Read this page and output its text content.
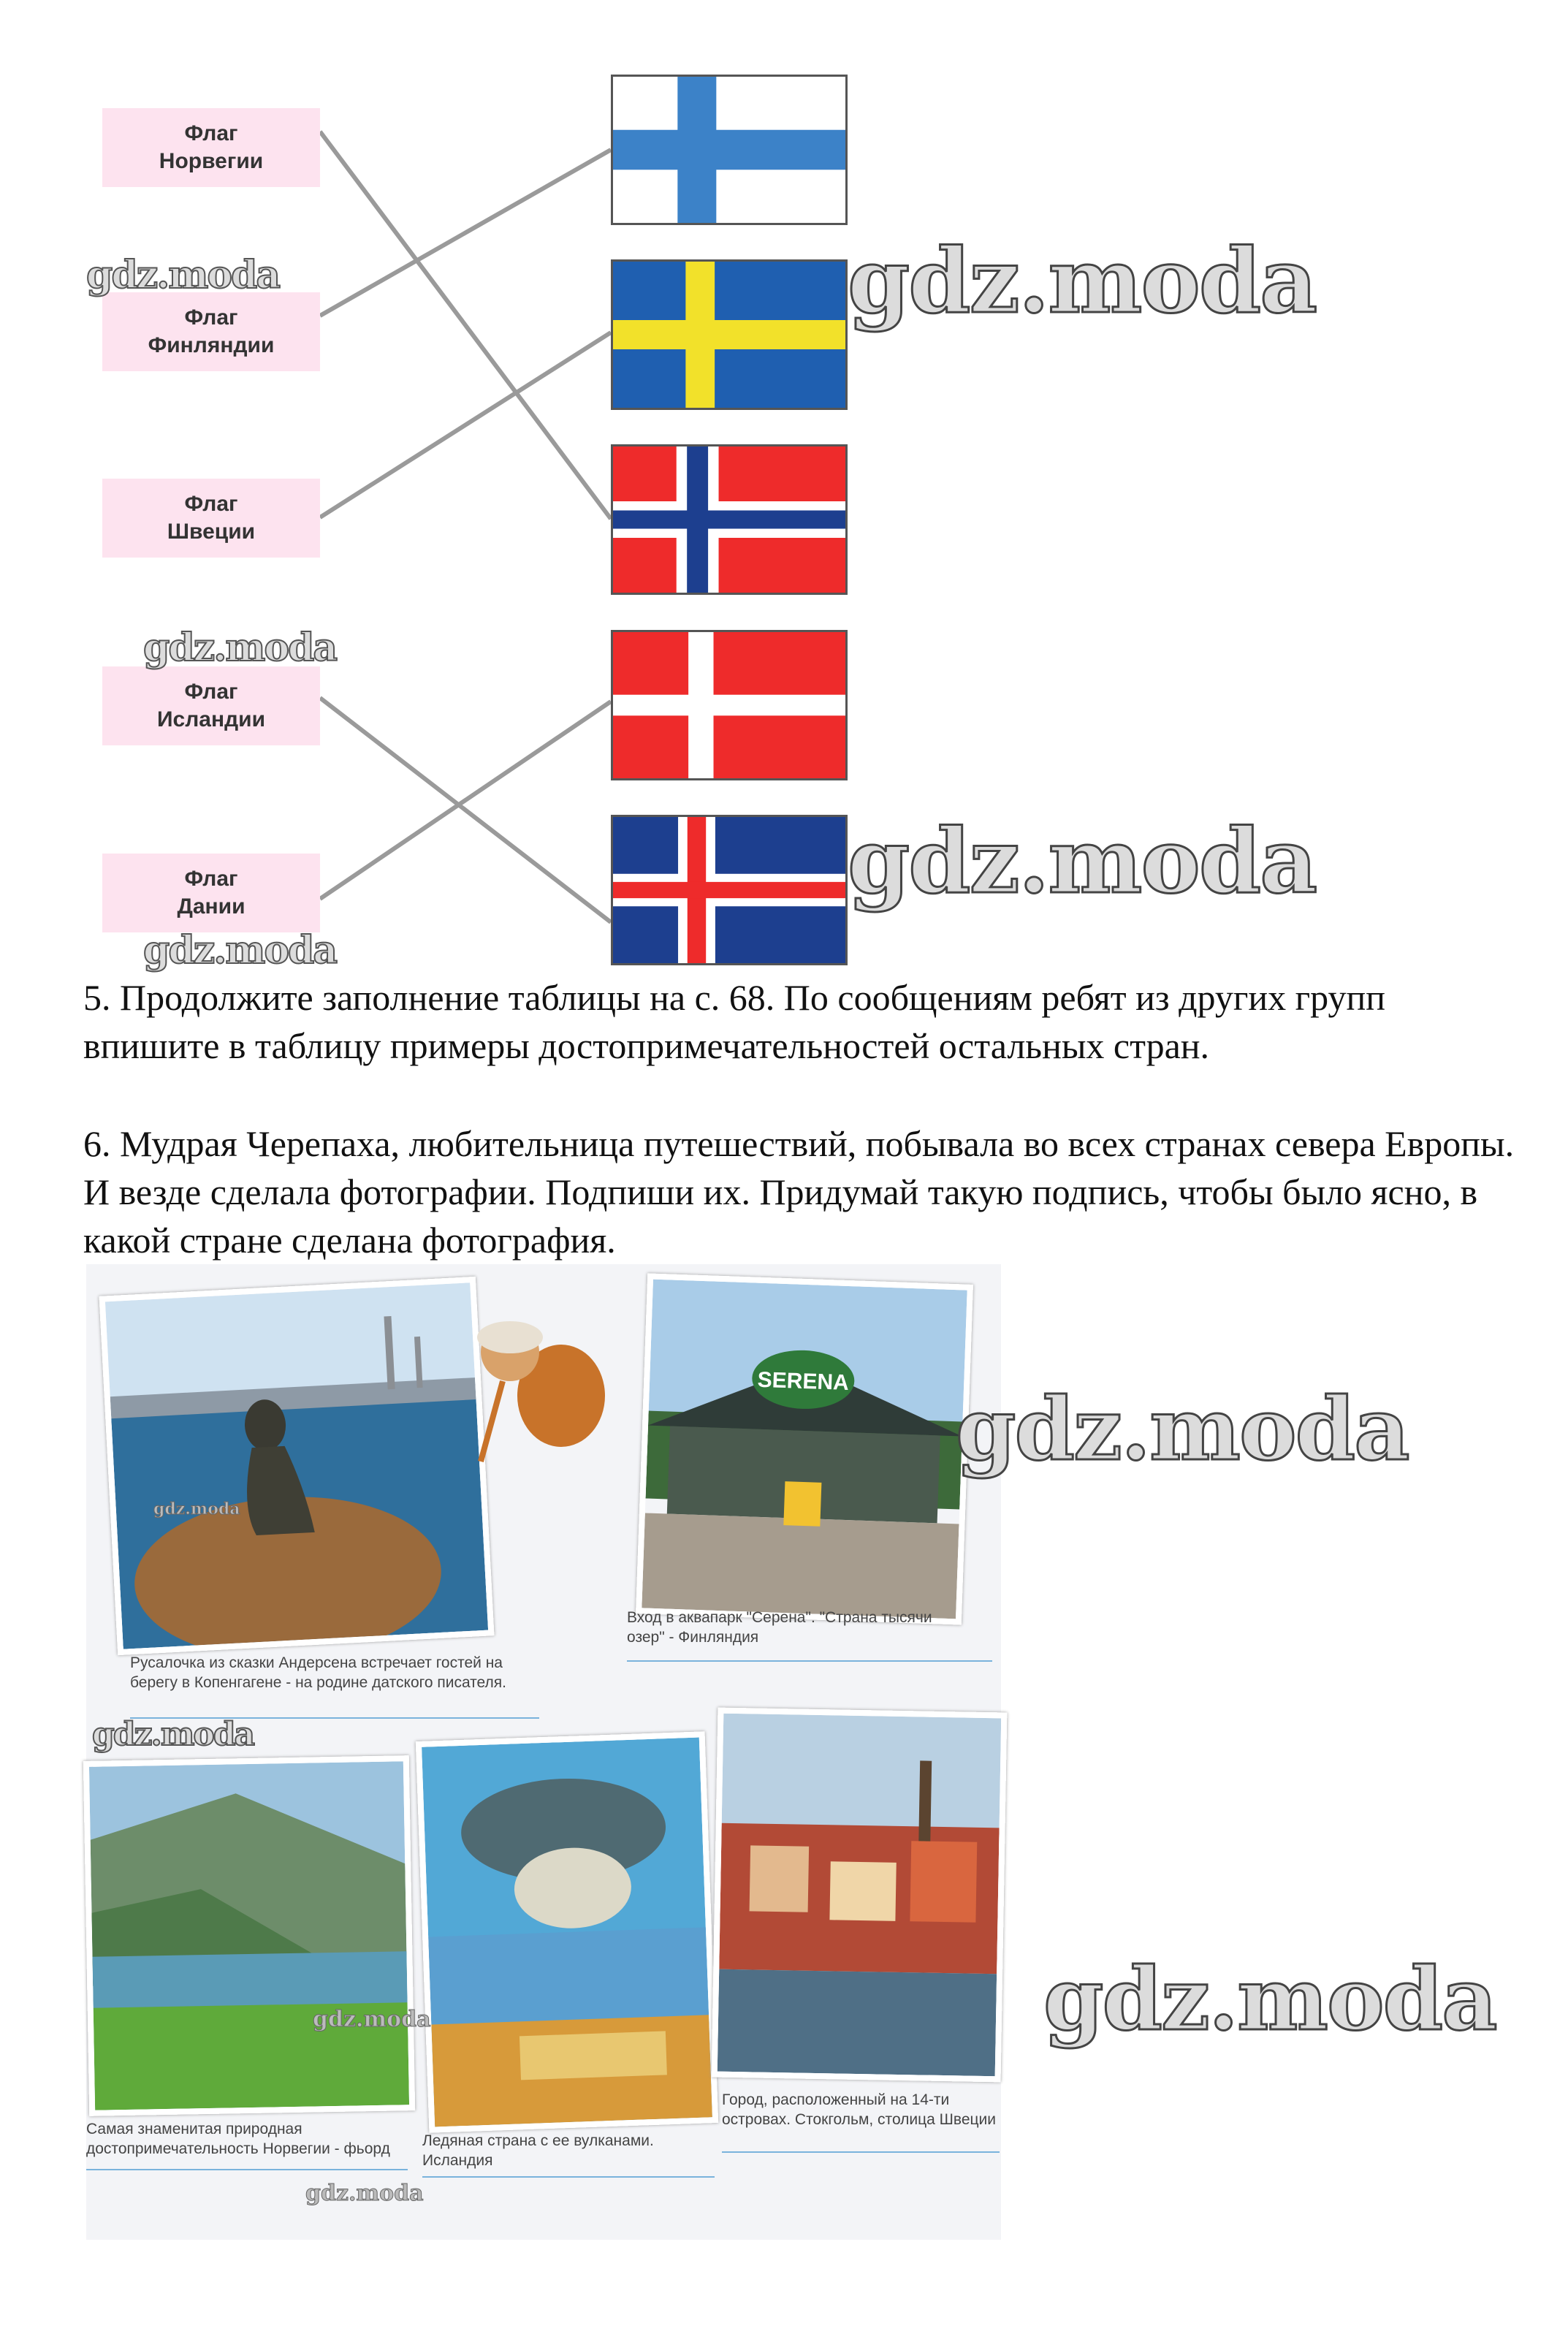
Флаг
Норвегии
Флаг
Финляндии
Флаг
Швеции
Флаг
Исландии
Флаг
Дании
gdz.moda	gdz.moda
gdz.moda
gdz.moda
gdz.moda
5. Продолжите заполнение таблицы на с. 68. По сообщениям ребят из других групп впишите в таблицу примеры достопримечательностей остальных стран.
6. Мудрая Черепаха, любительница путешествий, побывала во всех странах севера Европы. И везде сделала фотографии. Подпиши их. Придумай такую подпись, чтобы было ясно, в какой стране сделана фотография.
gdz.moda
SERENA gdz.moda
Вход в аквапарк "Серена". "Страна тысячи озер" - Финляндия
Русалочка из сказки Андерсена встречает гостей на берегу в Копенгагене - на родине датского писателя.
gdz.moda
gdz.moda	gdz.moda
Самая знаменитая природная достопримечательность Норвегии - фьорд	Ледяная страна с ее вулканами. Исландия
Город, расположенный на 14-ти островах. Стокгольм, столица Швеции
gdz.moda
